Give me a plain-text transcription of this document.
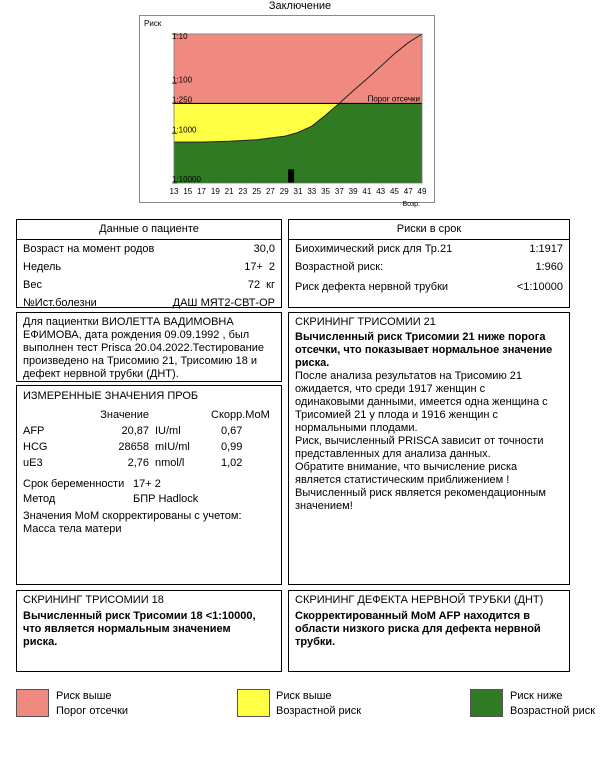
Заключение
Порог отсечки
Риск
1:10
1:100
1:250
1:1000
1:10000
13 15 17 19 21 23 25 27 29 31 33 35 37 39 41 43 45 47 49
Возр.
Данные о пациенте
Возраст на момент родов	30,0
Недель	17+ 2
Вес	72 кг
№Ист.болезни	ДАШ МЯТ2-СВТ-ОР
Риски в срок
Биохимический риск для Тр.21	1:1917
Возрастной риск:	1:960
Риск дефекта нервной трубки	<1:10000
Для пациентки ВИОЛЕТТА ВАДИМОВНА
ЕФИМОВА, дата рождения 09.09.1992 , был
выполнен тест Prisca 20.04.2022.Тестирование
произведено на Трисомию 21, Трисомию 18 и
дефект нервной трубки (ДНТ).
ИЗМЕРЕННЫЕ ЗНАЧЕНИЯ ПРОБ
	Значение		Скорр.MoM
AFP	20,87	IU/ml	0,67
HCG	28658	mIU/ml	0,99
uE3	2,76	nmol/l	1,02
Срок беременности 17+ 2
Метод	БПР Hadlock
Значения MoM скорректированы с учетом:
Масса тела матери
СКРИНИНГ ТРИСОМИИ 21
Вычисленный риск Трисомии 21 ниже порога
отсечки, что показывает нормальное значение
риска.
После анализа результатов на Трисомию 21
ожидается, что среди 1917 женщин с
одинаковыми данными, имеется одна женщина с
Трисомией 21 у плода и 1916 женщин с
нормальными плодами.
Риск, вычисленный PRISCA зависит от точности
представленных для анализа данных.
Обратите внимание, что вычисление риска
является статистическим приближением !
Вычисленный риск является рекомендационным
значением!
СКРИНИНГ ТРИСОМИИ 18
Вычисленный риск Трисомии 18 <1:10000,
что является нормальным значением
риска.
СКРИНИНГ ДЕФЕКТА НЕРВНОЙ ТРУБКИ (ДНТ)
Скорректированный MoM AFP находится в
области низкого риска для дефекта нервной
трубки.
Риск выше
Порог отсечки
Риск выше
Возрастной риск
Риск ниже
Возрастной риск
